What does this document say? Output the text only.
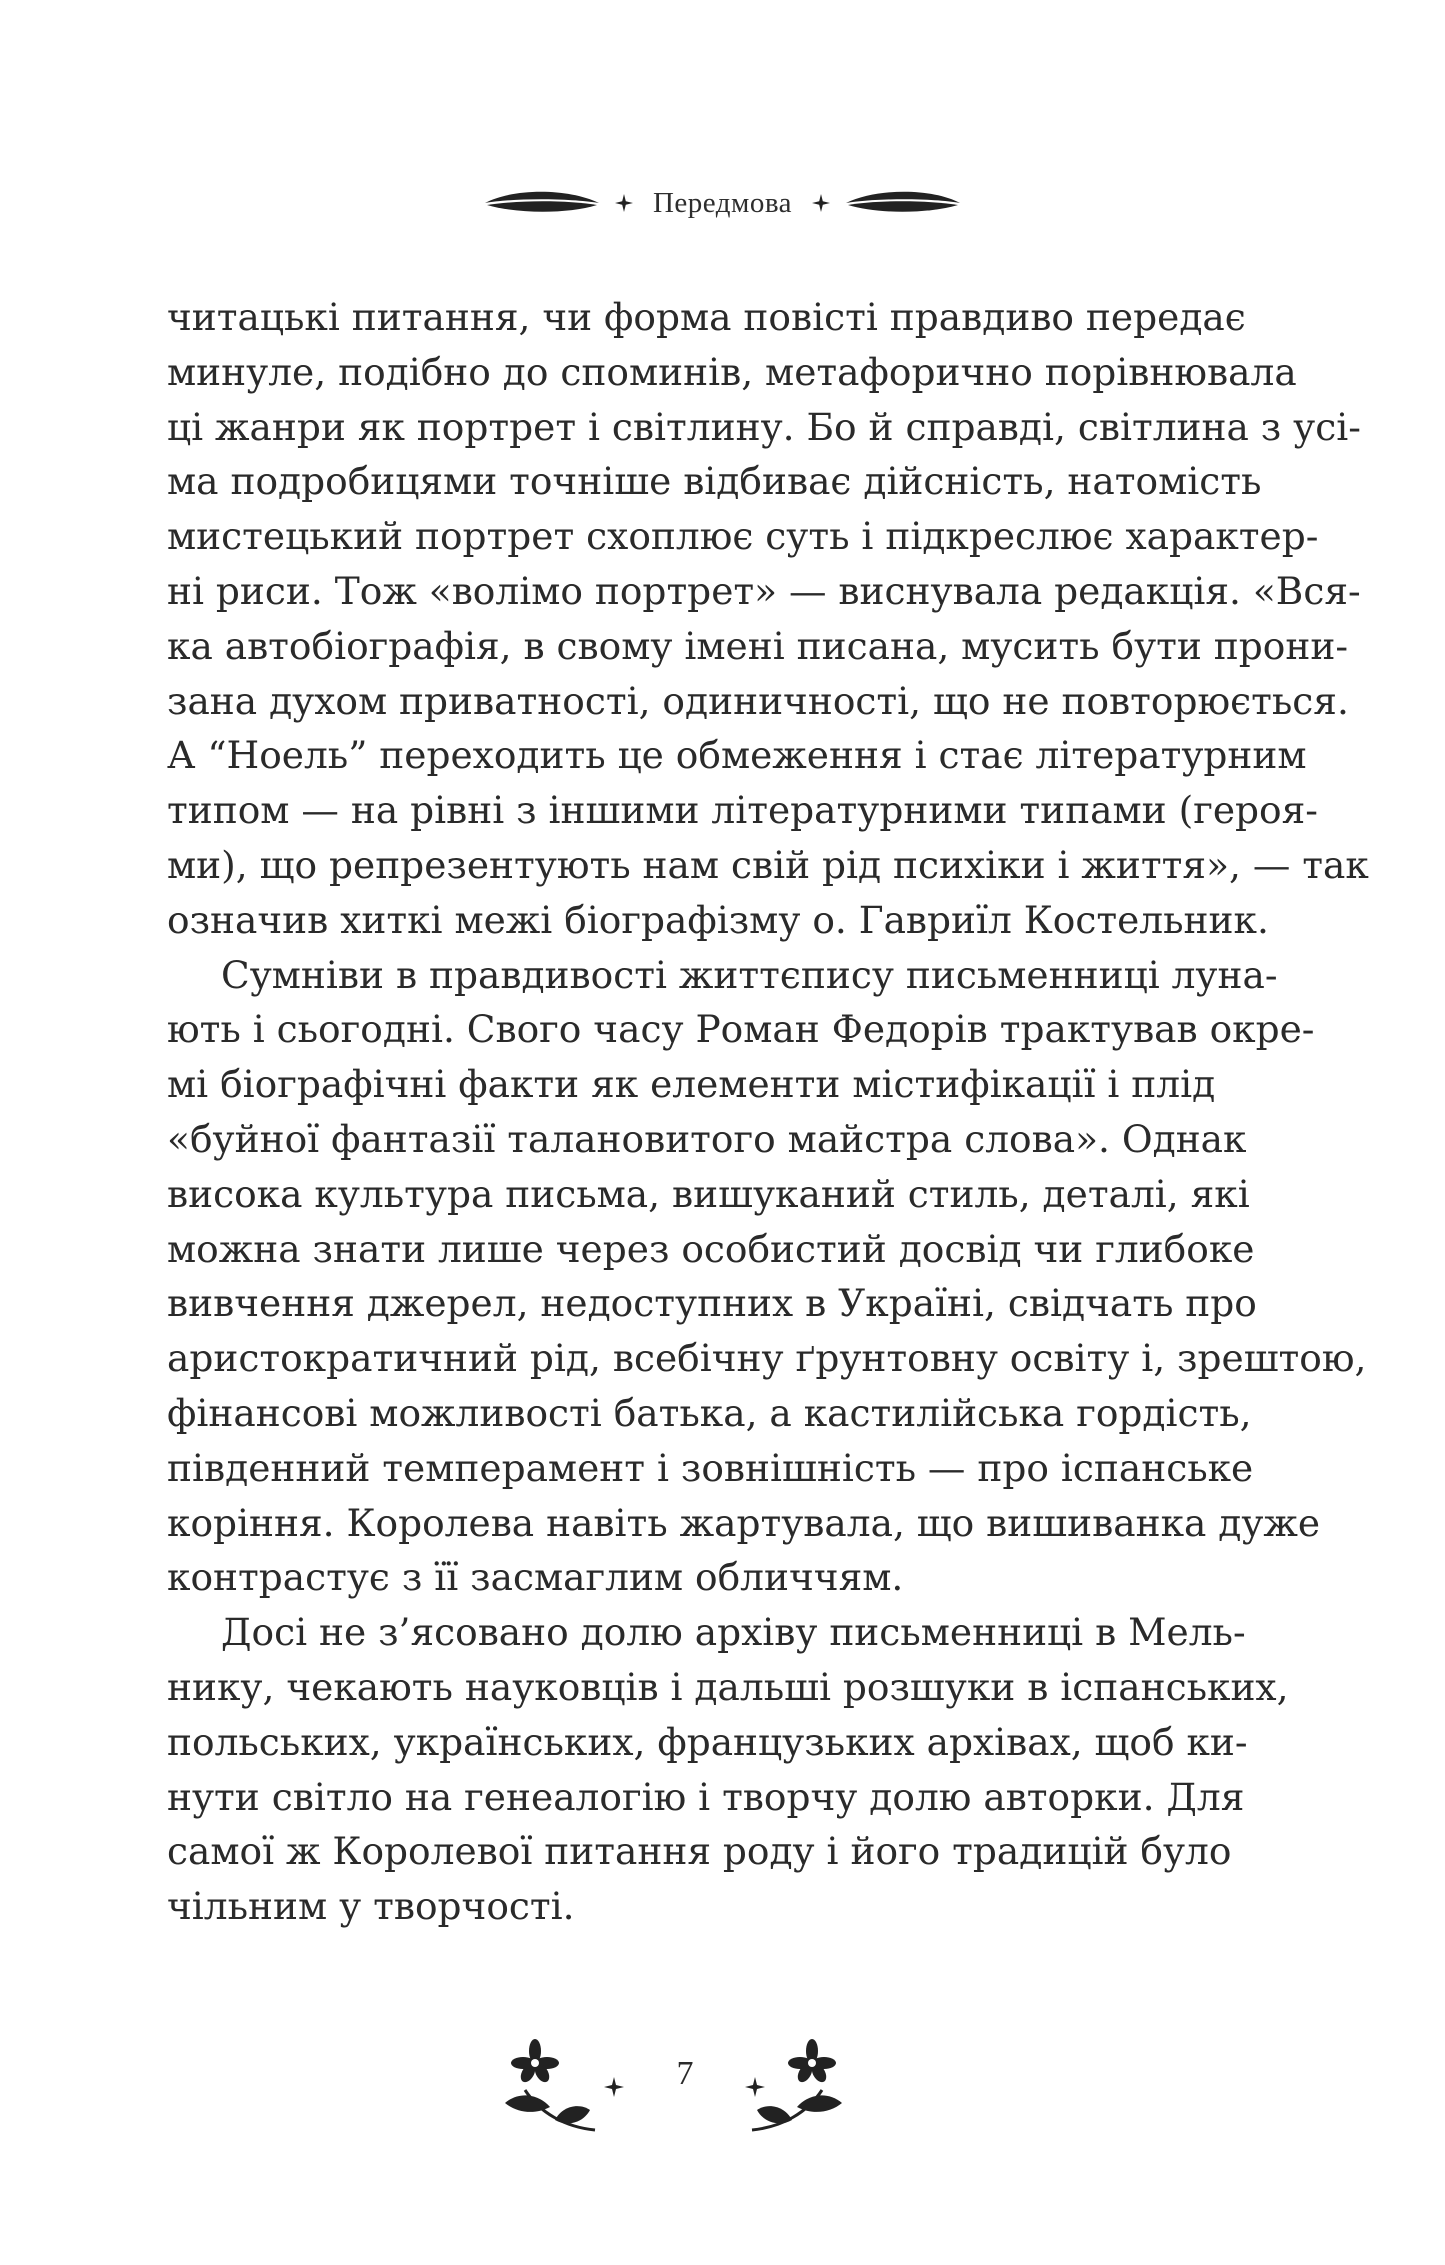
Передмова
читацькі питання, чи форма повісті правдиво передає
минуле, подібно до споминів, метафорично порівнювала
ці жанри як портрет і світлину. Бо й справді, світлина з усі-
ма подробицями точніше відбиває дійсність, натомість
мистецький портрет схоплює суть і підкреслює характер-
ні риси. Тож «волімо портрет» — виснувала редакція. «Вся-
ка автобіографія, в свому імені писана, мусить бути прони-
зана духом приватності, одиничності, що не повторюється.
А “Ноель” переходить це обмеження і стає літературним
типом — на рівні з іншими літературними типами (героя-
ми), що репрезентують нам свій рід психіки і життя», — так
означив хиткі межі біографізму о. Гавриїл Костельник.
Сумніви в правдивості життєпису письменниці луна-
ють і сьогодні. Свого часу Роман Федорів трактував окре-
мі біографічні факти як елементи містифікації і плід
«буйної фантазії талановитого майстра слова». Однак
висока культура письма, вишуканий стиль, деталі, які
можна знати лише через особистий досвід чи глибоке
вивчення джерел, недоступних в Україні, свідчать про
аристократичний рід, всебічну ґрунтовну освіту і, зрештою,
фінансові можливості батька, а кастилійська гордість,
південний темперамент і зовнішність — про іспанське
коріння. Королева навіть жартувала, що вишиванка дуже
контрастує з її засмаглим обличчям.
Досі не з’ясовано долю архіву письменниці в Мель-
нику, чекають науковців і дальші розшуки в іспанських,
польських, українських, французьких архівах, щоб ки-
нути світло на генеалогію і творчу долю авторки. Для
самої ж Королевої питання роду і його традицій було
чільним у творчості.
7
